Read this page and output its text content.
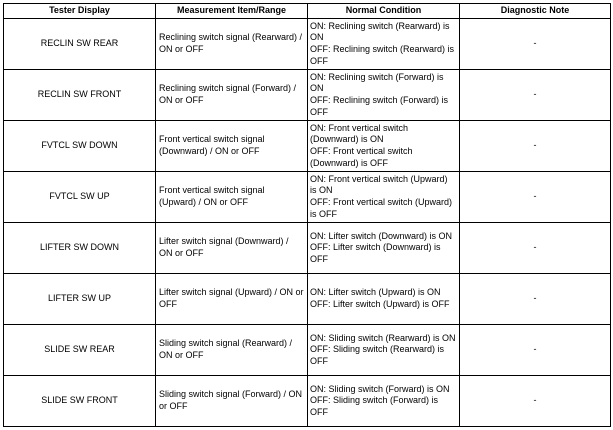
Tester Display	Measurement Item/Range	Normal Condition	Diagnostic Note
RECLIN SW REAR	Reclining switch signal (Rearward) / ON or OFF	ON: Reclining switch (Rearward) is ON
OFF: Reclining switch (Rearward) is OFF	-
RECLIN SW FRONT	Reclining switch signal (Forward) / ON or OFF	ON: Reclining switch (Forward) is ON
OFF: Reclining switch (Forward) is OFF	-
FVTCL SW DOWN	Front vertical switch signal (Downward) / ON or OFF	ON: Front vertical switch (Downward) is ON
OFF: Front vertical switch (Downward) is OFF	-
FVTCL SW UP	Front vertical switch signal (Upward) / ON or OFF	ON: Front vertical switch (Upward) is ON
OFF: Front vertical switch (Upward) is OFF	-
LIFTER SW DOWN	Lifter switch signal (Downward) / ON or OFF	ON: Lifter switch (Downward) is ON
OFF: Lifter switch (Downward) is OFF	-
LIFTER SW UP	Lifter switch signal (Upward) / ON or OFF	ON: Lifter switch (Upward) is ON
OFF: Lifter switch (Upward) is OFF	-
SLIDE SW REAR	Sliding switch signal (Rearward) / ON or OFF	ON: Sliding switch (Rearward) is ON
OFF: Sliding switch (Rearward) is OFF	-
SLIDE SW FRONT	Sliding switch signal (Forward) / ON or OFF	ON: Sliding switch (Forward) is ON
OFF: Sliding switch (Forward) is OFF	-
